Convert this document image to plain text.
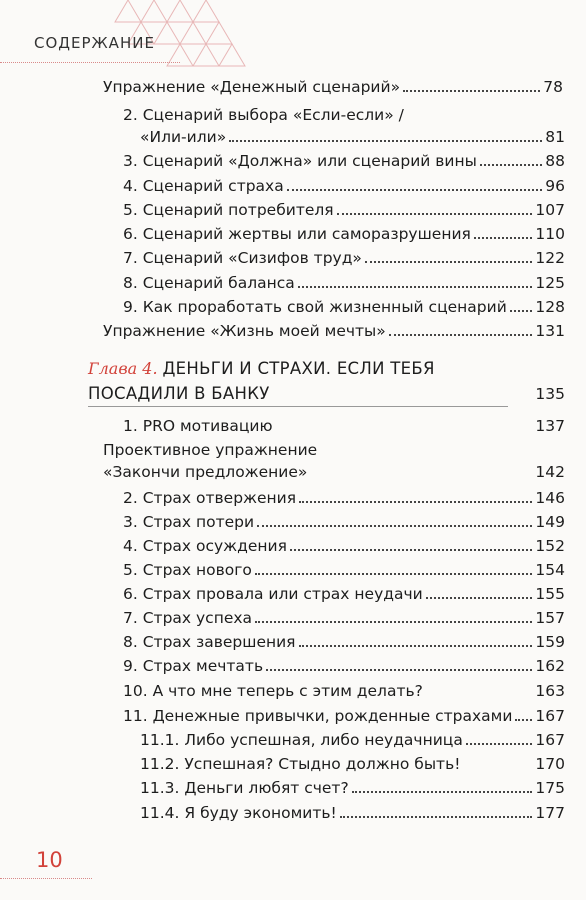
СОДЕРЖАНИЕ
Упражнение «Денежный сценарий»	78
2. Сценарий выбора «Если-если» /
«Или-или»	81
3. Сценарий «Должна» или сценарий вины	88
4. Сценарий страха	96
5. Сценарий потребителя	107
6. Сценарий жертвы или саморазрушения	110
7. Сценарий «Сизифов труд»	122
8. Сценарий баланса	125
9. Как проработать свой жизненный сценарий 128
Упражнение «Жизнь моей мечты»	131
Глава 4. ДЕНЬГИ И СТРАХИ. ЕСЛИ ТЕБЯ
ПОСАДИЛИ В БАНКУ	135
1. PRO мотивацию	137
Проективное упражнение
«Закончи предложение»	142
2. Страх отвержения	146
3. Страх потери	149
4. Страх осуждения	152
5. Страх нового	154
6. Страх провала или страх неудачи	155
7. Страх успеха	157
8. Страх завершения	159
9. Страх мечтать	162
10. А что мне теперь с этим делать?	163
11. Денежные привычки, рожденные страхами 167
11.1. Либо успешная, либо неудачница	167
11.2. Успешная? Стыдно должно быть!	170
11.3. Деньги любят счет?	175
11.4. Я буду экономить!	177
10
